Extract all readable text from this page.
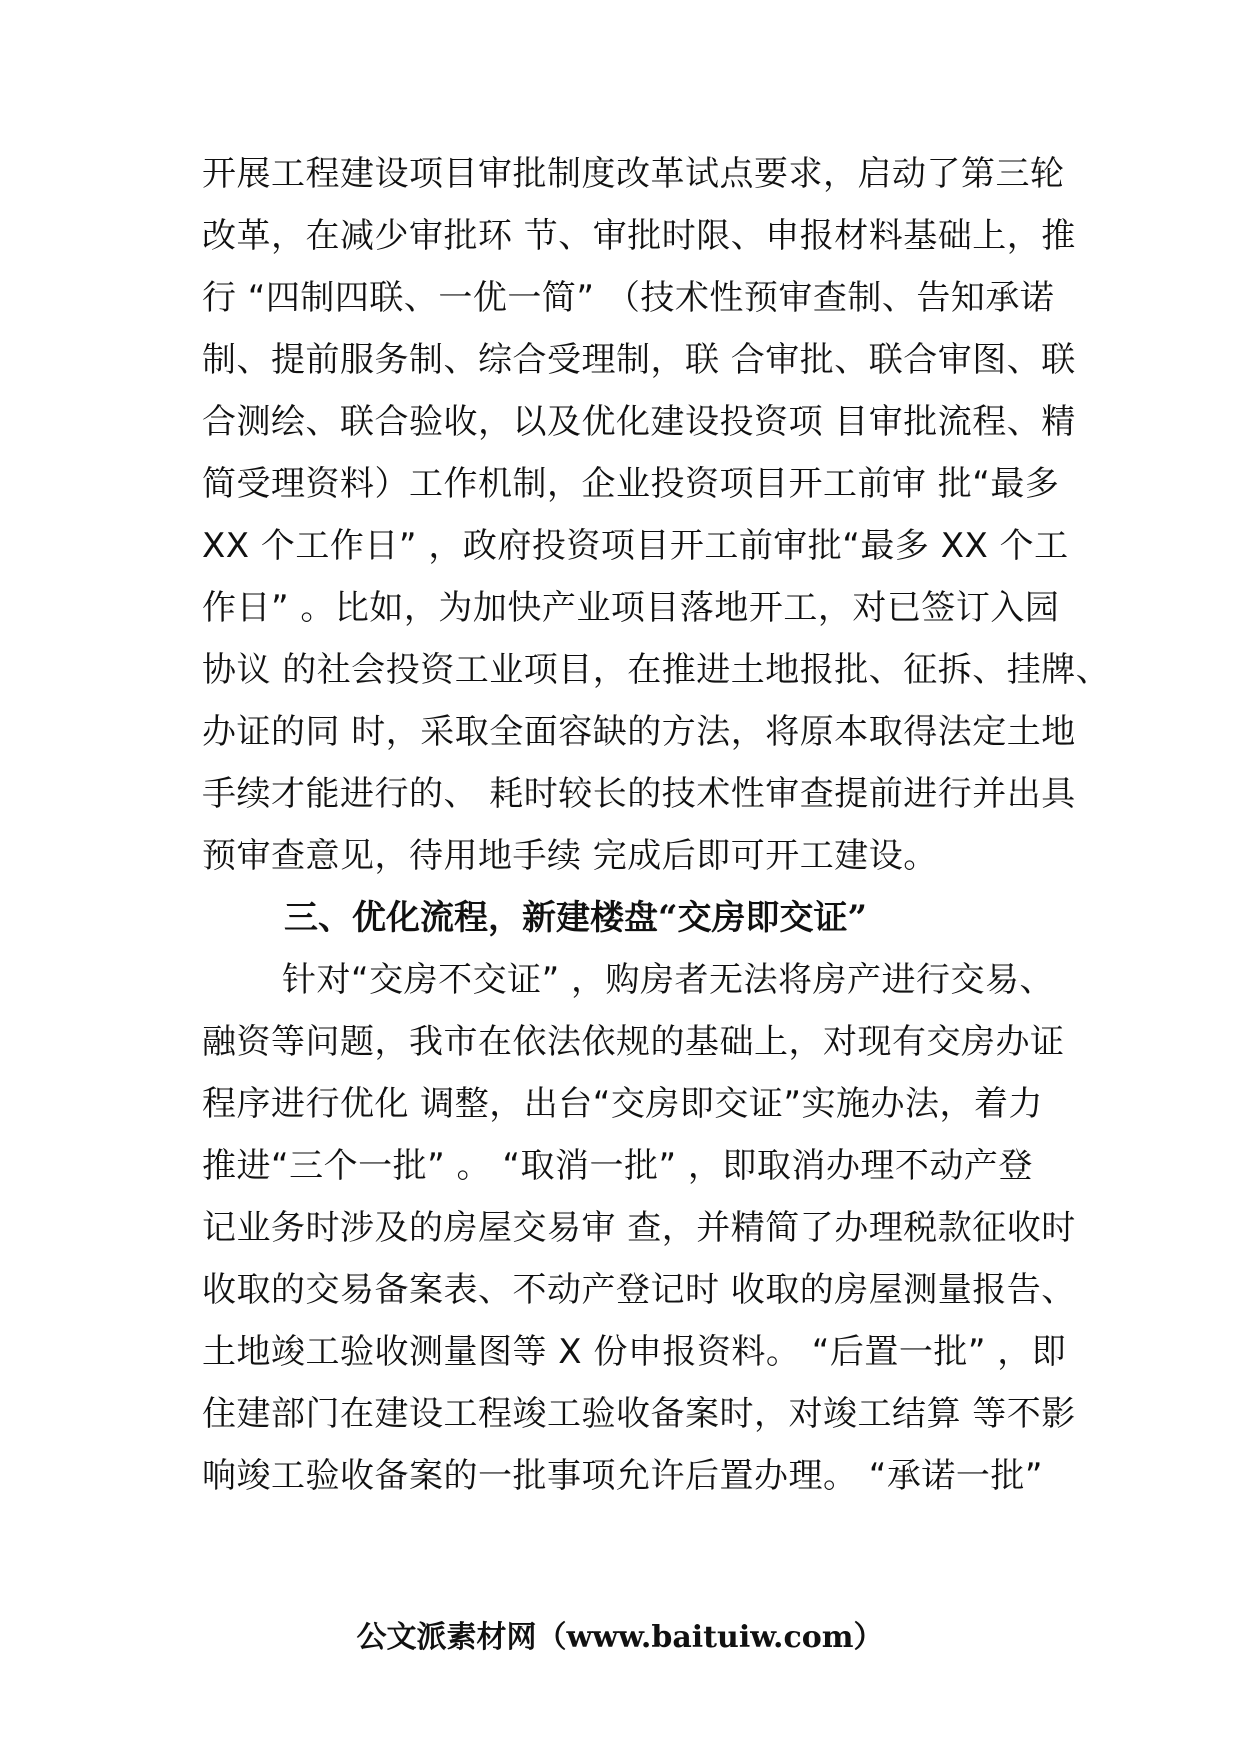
开展工程建设项目审批制度改革试点要求，启动了第三轮
改革，在减少审批环 节、审批时限、申报材料基础上，推
行 “四制四联、一优一简” （技术性预审查制、告知承诺
制、提前服务制、综合受理制，联 合审批、联合审图、联
合测绘、联合验收，以及优化建设投资项 目审批流程、精
简受理资料）工作机制，企业投资项目开工前审 批“最多
XX 个工作日” ，政府投资项目开工前审批“最多 XX 个工
作日” 。比如，为加快产业项目落地开工，对已签订入园
协议 的社会投资工业项目，在推进土地报批、征拆、挂牌、
办证的同 时，采取全面容缺的方法，将原本取得法定土地
手续才能进行的、 耗时较长的技术性审查提前进行并出具
预审查意见，待用地手续 完成后即可开工建设。
三、优化流程，新建楼盘“交房即交证”
针对“交房不交证” ，购房者无法将房产进行交易、
融资等问题，我市在依法依规的基础上，对现有交房办证
程序进行优化 调整，出台“交房即交证”实施办法，着力
推进“三个一批” 。 “取消一批” ，即取消办理不动产登
记业务时涉及的房屋交易审 查，并精简了办理税款征收时
收取的交易备案表、不动产登记时 收取的房屋测量报告、
土地竣工验收测量图等 X 份申报资料。 “后置一批” ，即
住建部门在建设工程竣工验收备案时，对竣工结算 等不影
响竣工验收备案的一批事项允许后置办理。 “承诺一批”
公文派素材网（www.baituiw.com）
